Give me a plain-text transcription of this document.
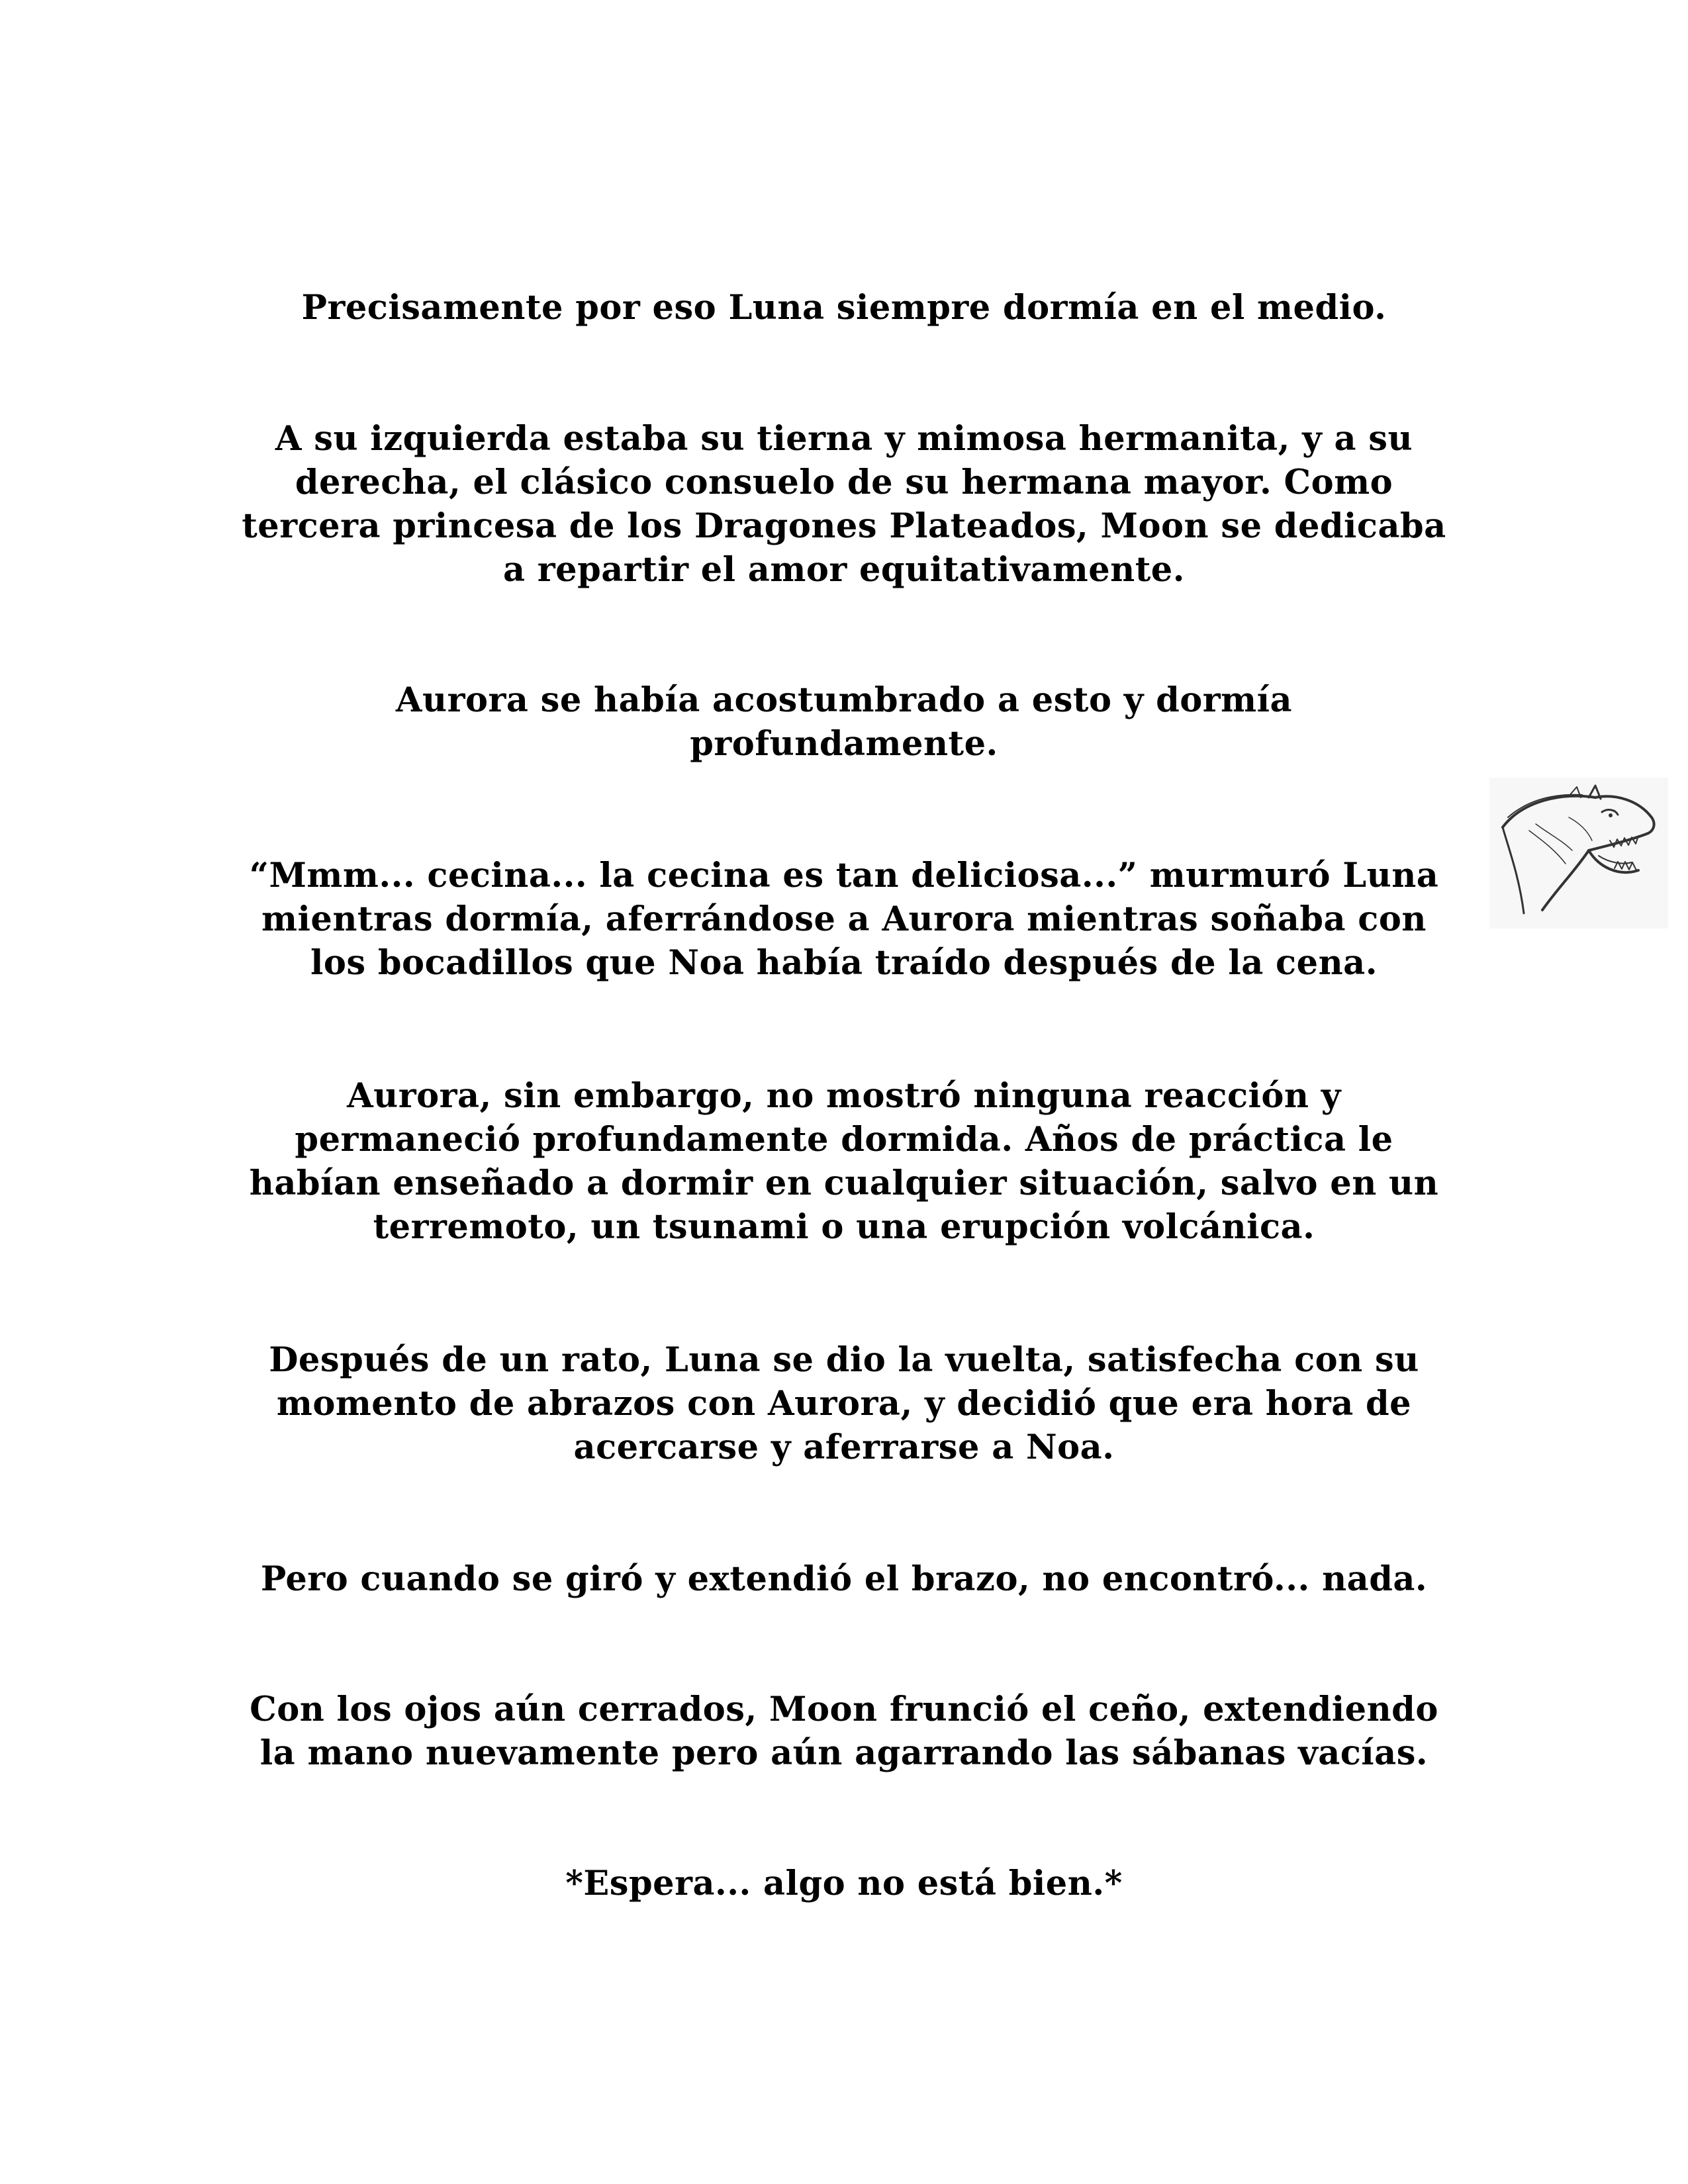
Precisamente por eso Luna siempre dormía en el medio.

A su izquierda estaba su tierna y mimosa hermanita, y a su
derecha, el clásico consuelo de su hermana mayor. Como
tercera princesa de los Dragones Plateados, Moon se dedicaba
a repartir el amor equitativamente.

Aurora se había acostumbrado a esto y dormía
profundamente.

“Mmm... cecina... la cecina es tan deliciosa...” murmuró Luna
mientras dormía, aferrándose a Aurora mientras soñaba con
los bocadillos que Noa había traído después de la cena.

Aurora, sin embargo, no mostró ninguna reacción y
permaneció profundamente dormida. Años de práctica le
habían enseñado a dormir en cualquier situación, salvo en un
terremoto, un tsunami o una erupción volcánica.

Después de un rato, Luna se dio la vuelta, satisfecha con su
momento de abrazos con Aurora, y decidió que era hora de
acercarse y aferrarse a Noa.

Pero cuando se giró y extendió el brazo, no encontró... nada.

Con los ojos aún cerrados, Moon frunció el ceño, extendiendo
la mano nuevamente pero aún agarrando las sábanas vacías.

*Espera... algo no está bien.*
